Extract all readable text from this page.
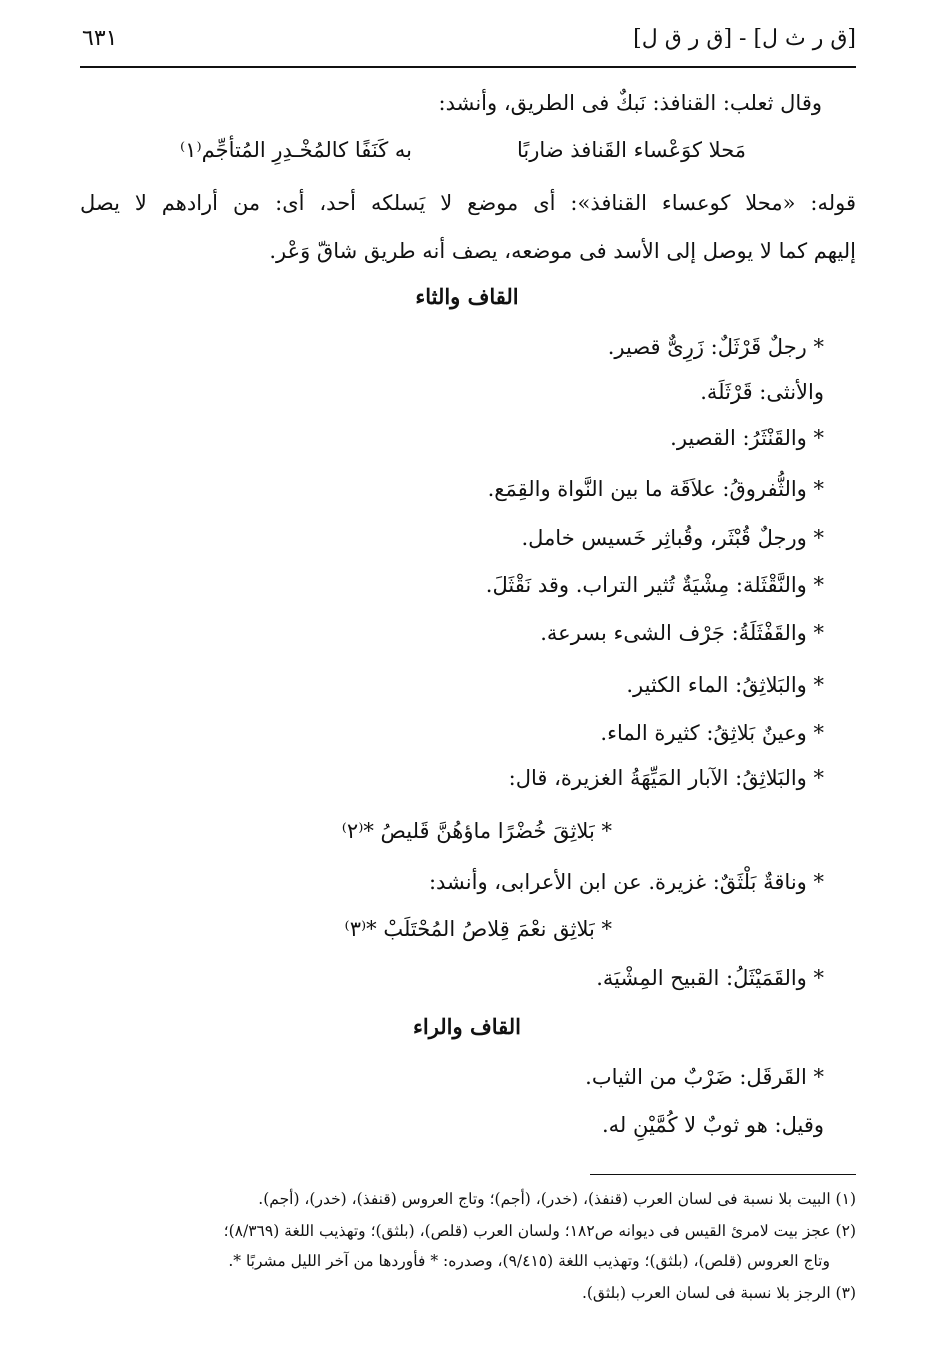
[ق ر ث ل] - [ق ر ق ل]
٦٣١
وقال ثعلب: القنافذ: نَبكٌ فى الطريق، وأنشد:
مَحلا كوَعْساء القَنافذ ضاربًا
به كَنَفًا كالمُخْـدِرِ المُتأجِّم⁽١⁾
قوله: «محلا كوعساء القنافذ»: أى موضع لا يَسلكه أحد، أى: من أرادهم لا يصل
إليهم كما لا يوصل إلى الأسد فى موضعه، يصف أنه طريق شاقّ وَعْر.
القاف والثاء
* رجلٌ قَرْثَلٌ: زَرِىٌّ قصير.
والأنثى: قَرْثَلَة.
* والقَنْثَرُ: القصير.
* والثُّفروقُ: علاَقَة ما بين النَّواة والقِمَع.
* ورجلٌ قُبْثَر، وقُباثِر خَسيس خامل.
* والنَّقْثَلة: مِشْيَةٌ تُثير التراب. وقد نَقْثَلَ.
* والقَفْثَلَةُ: جَرْف الشىء بسرعة.
* والبَلاثِقُ: الماء الكثير.
* وعينٌ بَلاثِقُ: كثيرة الماء.
* والبَلاثِقُ: الآبار المَيِّهَةُ الغزيرة، قال:
* بَلاثِقَ خُضْرًا ماؤهُنَّ قَليصُ *⁽٢⁾
* وناقةٌ بَلْثَقٌ: غزيرة. عن ابن الأعرابى، وأنشد:
* بَلاثِق نعْمَ قِلاصُ المُحْتَلَبْ *⁽٣⁾
* والقَمَيْثَلُ: القبيح المِشْيَة.
القاف والراء
* القَرقَل: ضَرْبٌ من الثياب.
وقيل: هو ثوبٌ لا كُمَّيْنِ له.
(١) البيت بلا نسبة فى لسان العرب (قنفذ)، (خدر)، (أجم)؛ وتاج العروس (قنفذ)، (خدر)، (أجم).
(٢) عجز بيت لامرئ القيس فى ديوانه ص١٨٢؛ ولسان العرب (قلص)، (بلثق)؛ وتهذيب اللغة (٨/٣٦٩)؛
وتاج العروس (قلص)، (بلثق)؛ وتهذيب اللغة (٩/٤١٥)، وصدره: * فأوردها من آخر الليل مشربًا *.
(٣) الرجز بلا نسبة فى لسان العرب (بلثق).
